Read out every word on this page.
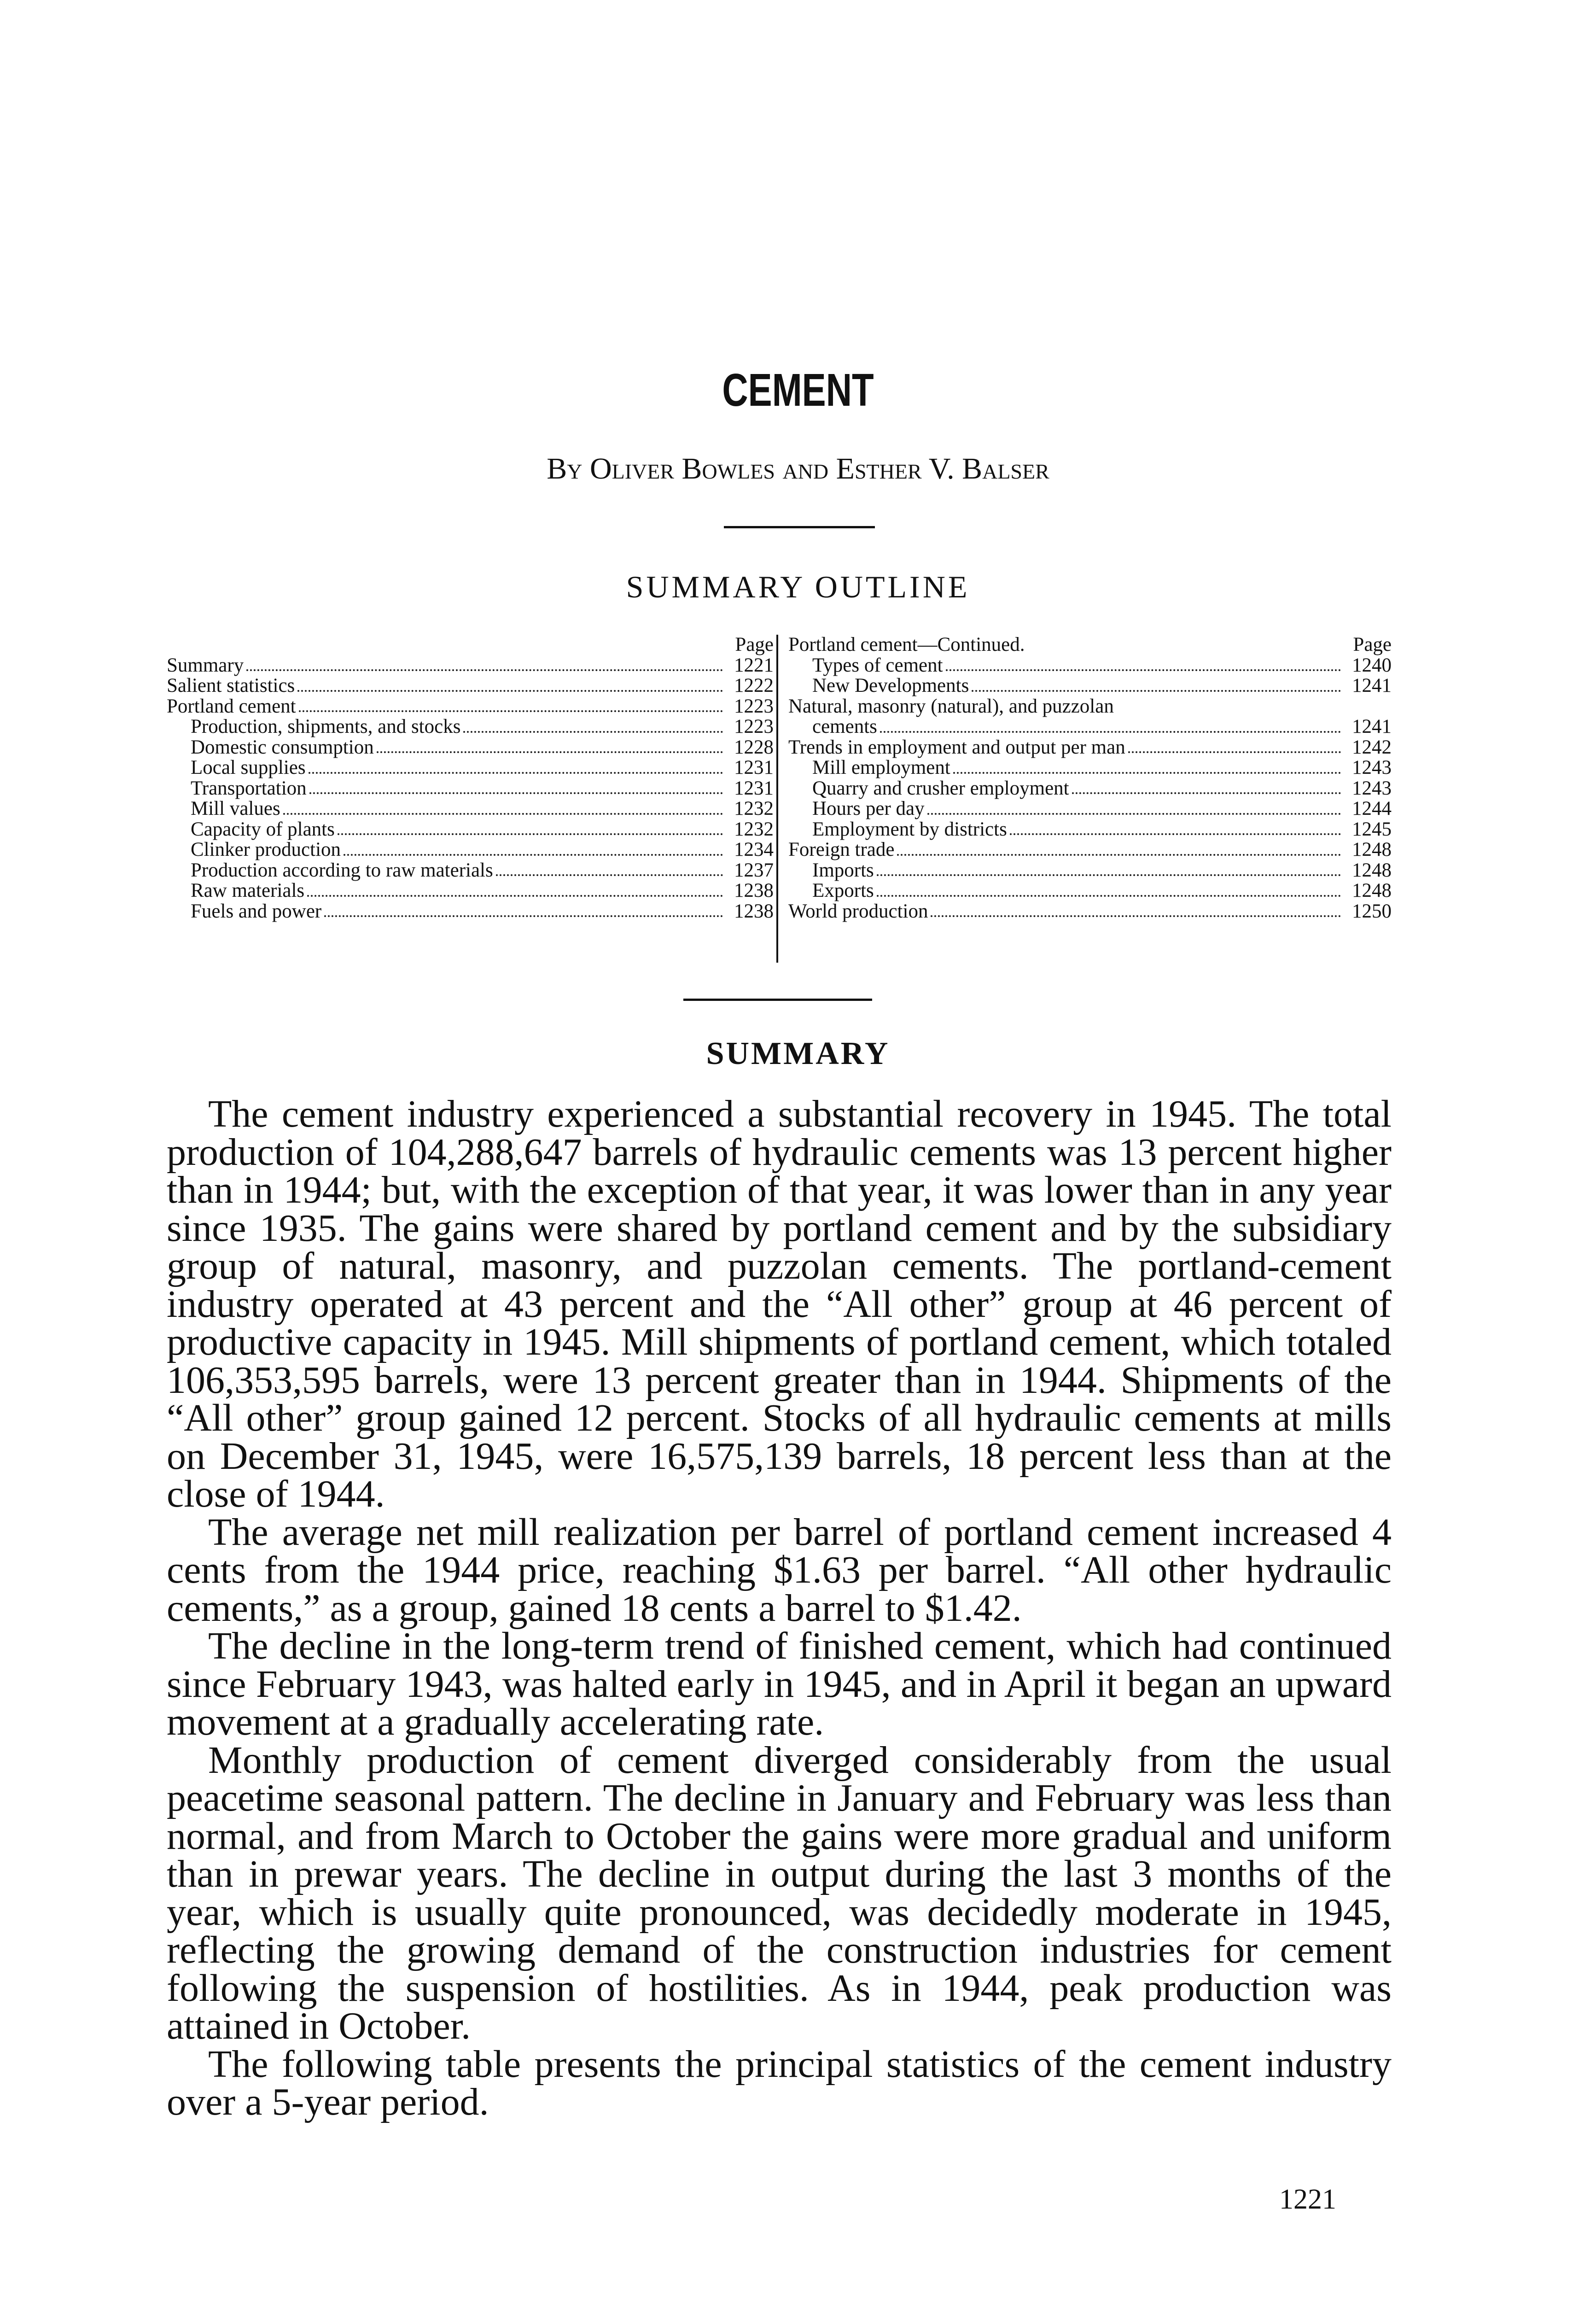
CEMENT
By Oliver Bowles and Esther V. Balser
SUMMARY OUTLINE
Page
Summary	1221
Salient statistics	1222
Portland cement	1223
Production, shipments, and stocks	1223
Domestic consumption	1228
Local supplies	1231
Transportation	1231
Mill values	1232
Capacity of plants	1232
Clinker production	1234
Production according to raw materials	1237
Raw materials	1238
Fuels and power	1238
Portland cement—Continued.	Page
Types of cement	1240
New Developments	1241
Natural, masonry (natural), and puzzolan
cements	1241
Trends in employment and output per man	1242
Mill employment	1243
Quarry and crusher employment	1243
Hours per day	1244
Employment by districts	1245
Foreign trade	1248
Imports	1248
Exports	1248
World production	1250
SUMMARY

The cement industry experienced a substantial recovery in 1945. The total production of 104,288,647 barrels of hydraulic cements was 13 percent higher than in 1944; but, with the exception of that year, it was lower than in any year since 1935. The gains were shared by portland cement and by the subsidiary group of natural, masonry, and puzzolan cements. The portland-cement industry operated at 43 percent and the “All other” group at 46 percent of productive capacity in 1945. Mill shipments of portland cement, which totaled 106,353,595 barrels, were 13 percent greater than in 1944. Shipments of the “All other” group gained 12 percent. Stocks of all hydraulic cements at mills on December 31, 1945, were 16,575,139 barrels, 18 percent less than at the close of 1944.

The average net mill realization per barrel of portland cement increased 4 cents from the 1944 price, reaching $1.63 per barrel. “All other hydraulic cements,” as a group, gained 18 cents a barrel to $1.42.

The decline in the long-term trend of finished cement, which had continued since February 1943, was halted early in 1945, and in April it began an upward movement at a gradually accelerating rate.

Monthly production of cement diverged considerably from the usual peacetime seasonal pattern. The decline in January and February was less than normal, and from March to October the gains were more gradual and uniform than in prewar years. The decline in output during the last 3 months of the year, which is usually quite pronounced, was decidedly moderate in 1945, reflecting the growing demand of the construction industries for cement following the suspension of hostilities. As in 1944, peak production was attained in October.

The following table presents the principal statistics of the cement industry over a 5-year period.

1221
